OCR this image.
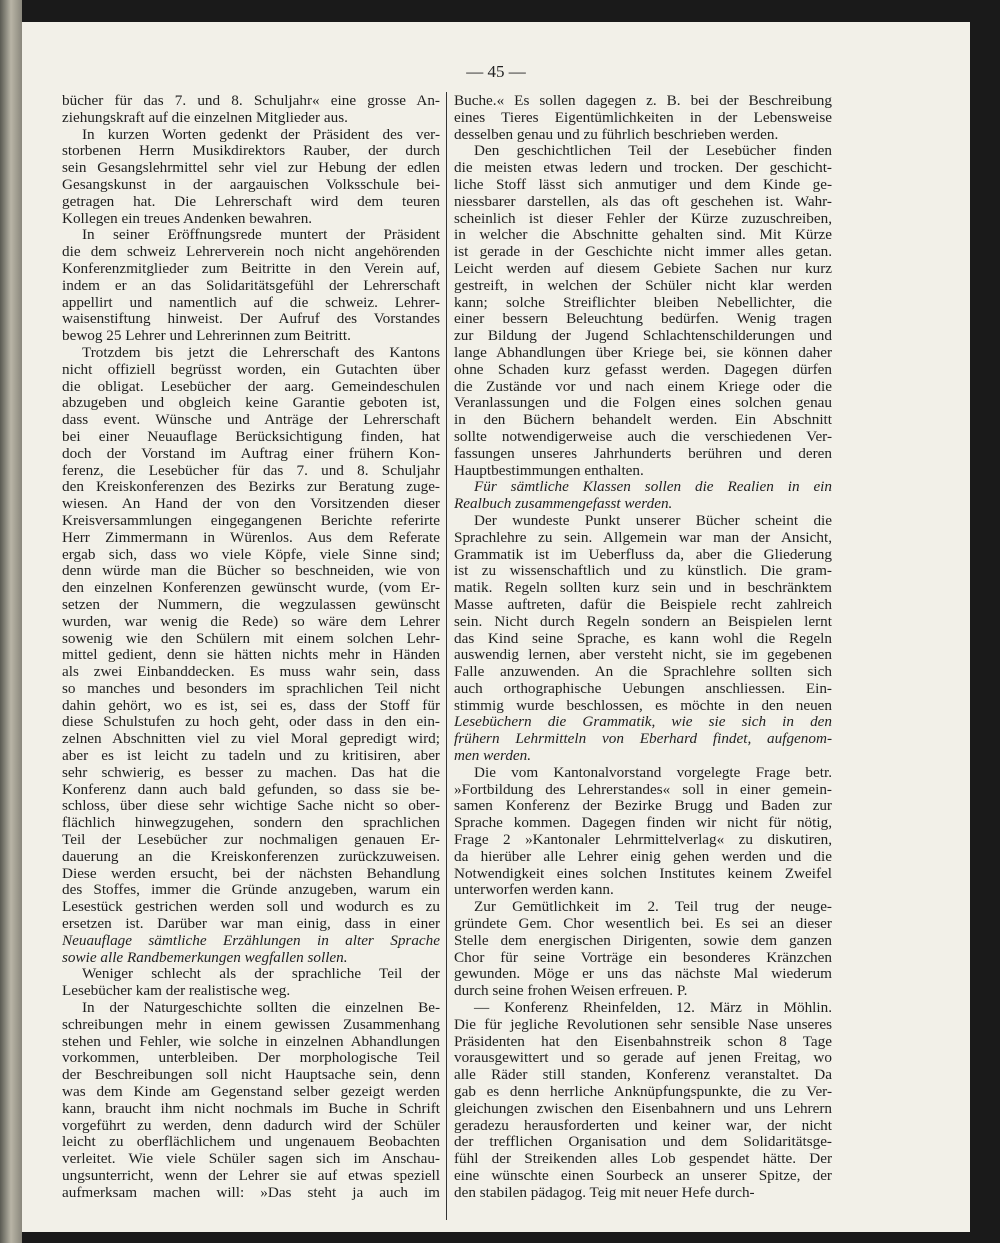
— 45 —
bücher für das 7. und 8. Schuljahr« eine grosse An-
ziehungskraft auf die einzelnen Mitglieder aus.
In kurzen Worten gedenkt der Präsident des ver-
storbenen Herrn Musikdirektors Rauber, der durch
sein Gesangslehrmittel sehr viel zur Hebung der edlen
Gesangskunst in der aargauischen Volksschule bei-
getragen hat. Die Lehrerschaft wird dem teuren
Kollegen ein treues Andenken bewahren.
In seiner Eröffnungsrede muntert der Präsident
die dem schweiz Lehrerverein noch nicht angehörenden
Konferenzmitglieder zum Beitritte in den Verein auf,
indem er an das Solidaritätsgefühl der Lehrerschaft
appellirt und namentlich auf die schweiz. Lehrer-
waisenstiftung hinweist. Der Aufruf des Vorstandes
bewog 25 Lehrer und Lehrerinnen zum Beitritt.
Trotzdem bis jetzt die Lehrerschaft des Kantons
nicht offiziell begrüsst worden, ein Gutachten über
die obligat. Lesebücher der aarg. Gemeindeschulen
abzugeben und obgleich keine Garantie geboten ist,
dass event. Wünsche und Anträge der Lehrerschaft
bei einer Neuauflage Berücksichtigung finden, hat
doch der Vorstand im Auftrag einer frühern Kon-
ferenz, die Lesebücher für das 7. und 8. Schuljahr
den Kreiskonferenzen des Bezirks zur Beratung zuge-
wiesen. An Hand der von den Vorsitzenden dieser
Kreisversammlungen eingegangenen Berichte referirte
Herr Zimmermann in Würenlos. Aus dem Referate
ergab sich, dass wo viele Köpfe, viele Sinne sind;
denn würde man die Bücher so beschneiden, wie von
den einzelnen Konferenzen gewünscht wurde, (vom Er-
setzen der Nummern, die wegzulassen gewünscht
wurden, war wenig die Rede) so wäre dem Lehrer
sowenig wie den Schülern mit einem solchen Lehr-
mittel gedient, denn sie hätten nichts mehr in Händen
als zwei Einbanddecken. Es muss wahr sein, dass
so manches und besonders im sprachlichen Teil nicht
dahin gehört, wo es ist, sei es, dass der Stoff für
diese Schulstufen zu hoch geht, oder dass in den ein-
zelnen Abschnitten viel zu viel Moral gepredigt wird;
aber es ist leicht zu tadeln und zu kritisiren, aber
sehr schwierig, es besser zu machen. Das hat die
Konferenz dann auch bald gefunden, so dass sie be-
schloss, über diese sehr wichtige Sache nicht so ober-
flächlich hinwegzugehen, sondern den sprachlichen
Teil der Lesebücher zur nochmaligen genauen Er-
dauerung an die Kreiskonferenzen zurückzuweisen.
Diese werden ersucht, bei der nächsten Behandlung
des Stoffes, immer die Gründe anzugeben, warum ein
Lesestück gestrichen werden soll und wodurch es zu
ersetzen ist. Darüber war man einig, dass in einer
Neuauflage sämtliche Erzählungen in alter Sprache
sowie alle Randbemerkungen wegfallen sollen.
Weniger schlecht als der sprachliche Teil der
Lesebücher kam der realistische weg.
In der Naturgeschichte sollten die einzelnen Be-
schreibungen mehr in einem gewissen Zusammenhang
stehen und Fehler, wie solche in einzelnen Abhandlungen
vorkommen, unterbleiben. Der morphologische Teil
der Beschreibungen soll nicht Hauptsache sein, denn
was dem Kinde am Gegenstand selber gezeigt werden
kann, braucht ihm nicht nochmals im Buche in Schrift
vorgeführt zu werden, denn dadurch wird der Schüler
leicht zu oberflächlichem und ungenauem Beobachten
verleitet. Wie viele Schüler sagen sich im Anschau-
ungsunterricht, wenn der Lehrer sie auf etwas speziell
aufmerksam machen will: »Das steht ja auch im
Buche.« Es sollen dagegen z. B. bei der Beschreibung
eines Tieres Eigentümlichkeiten in der Lebensweise
desselben genau und zu führlich beschrieben werden.
Den geschichtlichen Teil der Lesebücher finden
die meisten etwas ledern und trocken. Der geschicht-
liche Stoff lässt sich anmutiger und dem Kinde ge-
niessbarer darstellen, als das oft geschehen ist. Wahr-
scheinlich ist dieser Fehler der Kürze zuzuschreiben,
in welcher die Abschnitte gehalten sind. Mit Kürze
ist gerade in der Geschichte nicht immer alles getan.
Leicht werden auf diesem Gebiete Sachen nur kurz
gestreift, in welchen der Schüler nicht klar werden
kann; solche Streiflichter bleiben Nebellichter, die
einer bessern Beleuchtung bedürfen. Wenig tragen
zur Bildung der Jugend Schlachtenschilderungen und
lange Abhandlungen über Kriege bei, sie können daher
ohne Schaden kurz gefasst werden. Dagegen dürfen
die Zustände vor und nach einem Kriege oder die
Veranlassungen und die Folgen eines solchen genau
in den Büchern behandelt werden. Ein Abschnitt
sollte notwendigerweise auch die verschiedenen Ver-
fassungen unseres Jahrhunderts berühren und deren
Hauptbestimmungen enthalten.
Für sämtliche Klassen sollen die Realien in ein
Realbuch zusammengefasst werden.
Der wundeste Punkt unserer Bücher scheint die
Sprachlehre zu sein. Allgemein war man der Ansicht,
Grammatik ist im Ueberfluss da, aber die Gliederung
ist zu wissenschaftlich und zu künstlich. Die gram-
matik. Regeln sollten kurz sein und in beschränktem
Masse auftreten, dafür die Beispiele recht zahlreich
sein. Nicht durch Regeln sondern an Beispielen lernt
das Kind seine Sprache, es kann wohl die Regeln
auswendig lernen, aber versteht nicht, sie im gegebenen
Falle anzuwenden. An die Sprachlehre sollten sich
auch orthographische Uebungen anschliessen. Ein-
stimmig wurde beschlossen, es möchte in den neuen
Lesebüchern die Grammatik, wie sie sich in den
frühern Lehrmitteln von Eberhard findet, aufgenom-
men werden.
Die vom Kantonalvorstand vorgelegte Frage betr.
»Fortbildung des Lehrerstandes« soll in einer gemein-
samen Konferenz der Bezirke Brugg und Baden zur
Sprache kommen. Dagegen finden wir nicht für nötig,
Frage 2 »Kantonaler Lehrmittelverlag« zu diskutiren,
da hierüber alle Lehrer einig gehen werden und die
Notwendigkeit eines solchen Institutes keinem Zweifel
unterworfen werden kann.
Zur Gemütlichkeit im 2. Teil trug der neuge-
gründete Gem. Chor wesentlich bei. Es sei an dieser
Stelle dem energischen Dirigenten, sowie dem ganzen
Chor für seine Vorträge ein besonderes Kränzchen
gewunden. Möge er uns das nächste Mal wiederum
durch seine frohen Weisen erfreuen. P.
— Konferenz Rheinfelden, 12. März in Möhlin.
Die für jegliche Revolutionen sehr sensible Nase unseres
Präsidenten hat den Eisenbahnstreik schon 8 Tage
vorausgewittert und so gerade auf jenen Freitag, wo
alle Räder still standen, Konferenz veranstaltet. Da
gab es denn herrliche Anknüpfungspunkte, die zu Ver-
gleichungen zwischen den Eisenbahnern und uns Lehrern
geradezu herausforderten und keiner war, der nicht
der trefflichen Organisation und dem Solidaritätsge-
fühl der Streikenden alles Lob gespendet hätte. Der
eine wünschte einen Sourbeck an unserer Spitze, der
den stabilen pädagog. Teig mit neuer Hefe durch-
